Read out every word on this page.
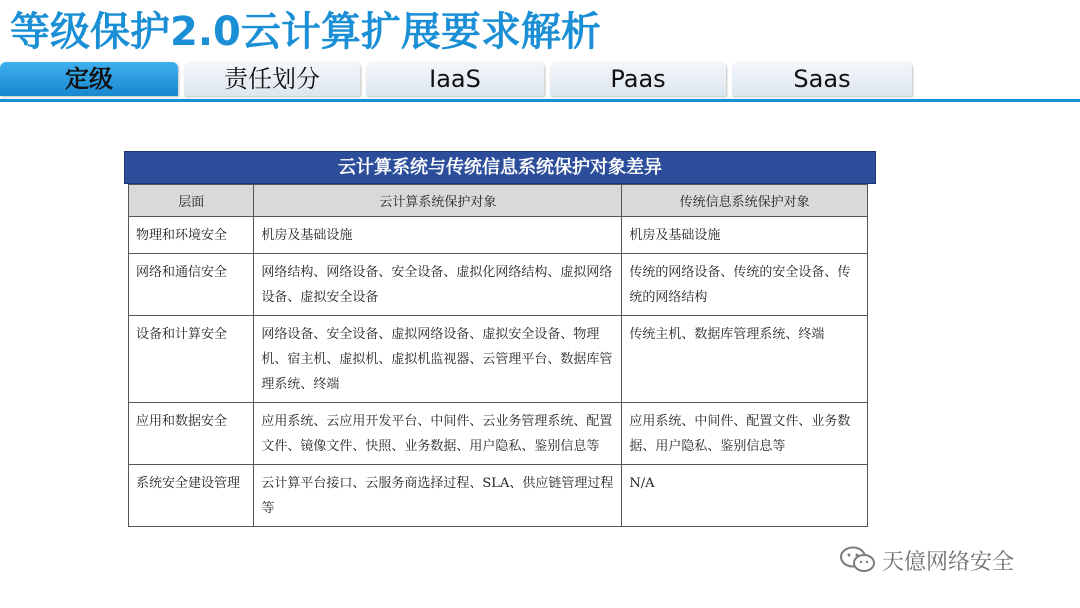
等级保护2.0云计算扩展要求解析
定级	责任划分	IaaS	Paas	Saas
云计算系统与传统信息系统保护对象差异
层面	云计算系统保护对象	传统信息系统保护对象
物理和环境安全	机房及基础设施	机房及基础设施
网络和通信安全	网络结构、网络设备、安全设备、虚拟化网络结构、虚拟网络设备、虚拟安全设备	传统的网络设备、传统的安全设备、传统的网络结构
设备和计算安全	网络设备、安全设备、虚拟网络设备、虚拟安全设备、物理机、宿主机、虚拟机、虚拟机监视器、云管理平台、数据库管理系统、终端	传统主机、数据库管理系统、终端
应用和数据安全	应用系统、云应用开发平台、中间件、云业务管理系统、配置文件、镜像文件、快照、业务数据、用户隐私、鉴别信息等	应用系统、中间件、配置文件、业务数据、用户隐私、鉴别信息等
系统安全建设管理	云计算平台接口、云服务商选择过程、SLA、供应链管理过程等	N/A
天億网络安全
